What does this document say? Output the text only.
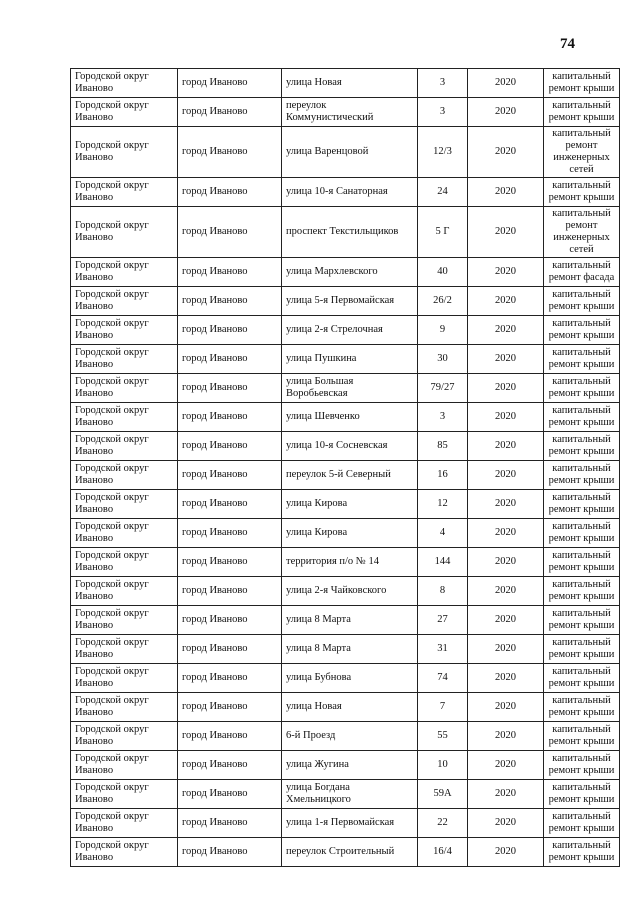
74
Городской округ Иваново	город Иваново	улица Новая	3	2020	капитальный ремонт крыши
Городской округ Иваново	город Иваново	переулок Коммунистический	3	2020	капитальный ремонт крыши
Городской округ Иваново	город Иваново	улица Варенцовой	12/3	2020	капитальный ремонт инженерных сетей
Городской округ Иваново	город Иваново	улица 10-я Санаторная	24	2020	капитальный ремонт крыши
Городской округ Иваново	город Иваново	проспект Текстильщиков	5 Г	2020	капитальный ремонт инженерных сетей
Городской округ Иваново	город Иваново	улица Мархлевского	40	2020	капитальный ремонт фасада
Городской округ Иваново	город Иваново	улица 5-я Первомайская	26/2	2020	капитальный ремонт крыши
Городской округ Иваново	город Иваново	улица 2-я Стрелочная	9	2020	капитальный ремонт крыши
Городской округ Иваново	город Иваново	улица Пушкина	30	2020	капитальный ремонт крыши
Городской округ Иваново	город Иваново	улица Большая Воробьевская	79/27	2020	капитальный ремонт крыши
Городской округ Иваново	город Иваново	улица Шевченко	3	2020	капитальный ремонт крыши
Городской округ Иваново	город Иваново	улица 10-я Сосневская	85	2020	капитальный ремонт крыши
Городской округ Иваново	город Иваново	переулок 5-й Северный	16	2020	капитальный ремонт крыши
Городской округ Иваново	город Иваново	улица Кирова	12	2020	капитальный ремонт крыши
Городской округ Иваново	город Иваново	улица Кирова	4	2020	капитальный ремонт крыши
Городской округ Иваново	город Иваново	территория п/о № 14	144	2020	капитальный ремонт крыши
Городской округ Иваново	город Иваново	улица 2-я Чайковского	8	2020	капитальный ремонт крыши
Городской округ Иваново	город Иваново	улица 8 Марта	27	2020	капитальный ремонт крыши
Городской округ Иваново	город Иваново	улица 8 Марта	31	2020	капитальный ремонт крыши
Городской округ Иваново	город Иваново	улица Бубнова	74	2020	капитальный ремонт крыши
Городской округ Иваново	город Иваново	улица Новая	7	2020	капитальный ремонт крыши
Городской округ Иваново	город Иваново	6-й Проезд	55	2020	капитальный ремонт крыши
Городской округ Иваново	город Иваново	улица Жугина	10	2020	капитальный ремонт крыши
Городской округ Иваново	город Иваново	улица Богдана Хмельницкого	59А	2020	капитальный ремонт крыши
Городской округ Иваново	город Иваново	улица 1-я Первомайская	22	2020	капитальный ремонт крыши
Городской округ Иваново	город Иваново	переулок Строительный	16/4	2020	капитальный ремонт крыши
